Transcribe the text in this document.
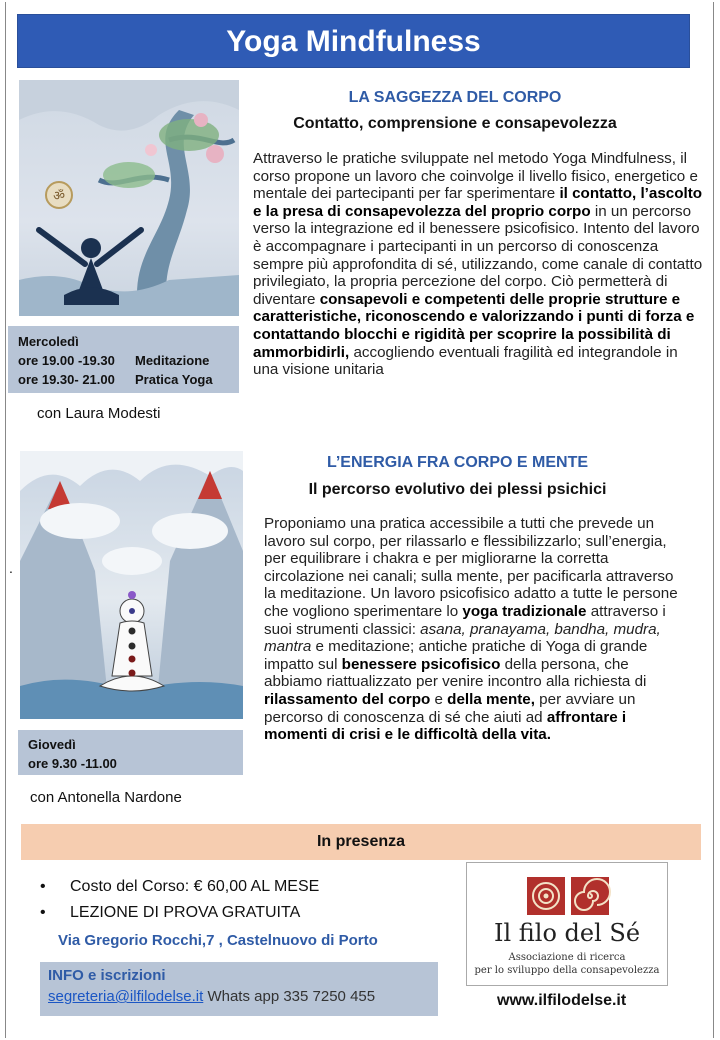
Yoga Mindfulness
ॐ
Mercoledì
ore 19.00 -19.30	Meditazione
ore 19.30- 21.00	Pratica Yoga
con Laura Modesti
LA SAGGEZZA DEL CORPO
Contatto, comprensione e consapevolezza
Attraverso le pratiche sviluppate nel metodo Yoga Mindfulness, il corso propone un lavoro che coinvolge il livello fisico, energetico e mentale dei partecipanti per far sperimentare il contatto, l’ascolto e la presa di consapevolezza del proprio corpo in un percorso verso la integrazione ed il benessere psicofisico. Intento del lavoro è accompagnare i partecipanti in un percorso di conoscenza sempre più approfondita di sé, utilizzando, come canale di contatto privilegiato, la propria percezione del corpo. Ciò permetterà di diventare consapevoli e competenti delle proprie strutture e caratteristiche, riconoscendo e valorizzando i punti di forza e contattando blocchi e rigidità per scoprire la possibilità di ammorbidirli, accogliendo eventuali fragilità ed integrandole in una visione unitaria
.
Giovedì
ore 9.30 -11.00
con Antonella Nardone
L’ENERGIA FRA CORPO E MENTE
Il percorso evolutivo dei plessi psichici
Proponiamo una pratica accessibile a tutti che prevede un lavoro sul corpo, per rilassarlo e flessibilizzarlo; sull’energia, per equilibrare i chakra e per migliorarne la corretta circolazione nei canali; sulla mente, per pacificarla attraverso la meditazione. Un lavoro psicofisico adatto a tutte le persone che vogliono sperimentare lo yoga tradizionale attraverso i suoi strumenti classici: asana, pranayama, bandha, mudra, mantra e meditazione; antiche pratiche di Yoga di grande impatto sul benessere psicofisico della persona, che abbiamo riattualizzato per venire incontro alla richiesta di rilassamento del corpo e della mente, per avviare un percorso di conoscenza di sé che aiuti ad affrontare i momenti di crisi e le difficoltà della vita.
In presenza
•	Costo del Corso: € 60,00 AL MESE
•	LEZIONE DI PROVA GRATUITA
Via Gregorio Rocchi,7 , Castelnuovo di Porto
INFO e iscrizioni
segreteria@ilfilodelse.it Whats app 335 7250 455
Il filo del Sé
Associazione di ricerca
per lo sviluppo della consapevolezza
www.ilfilodelse.it
